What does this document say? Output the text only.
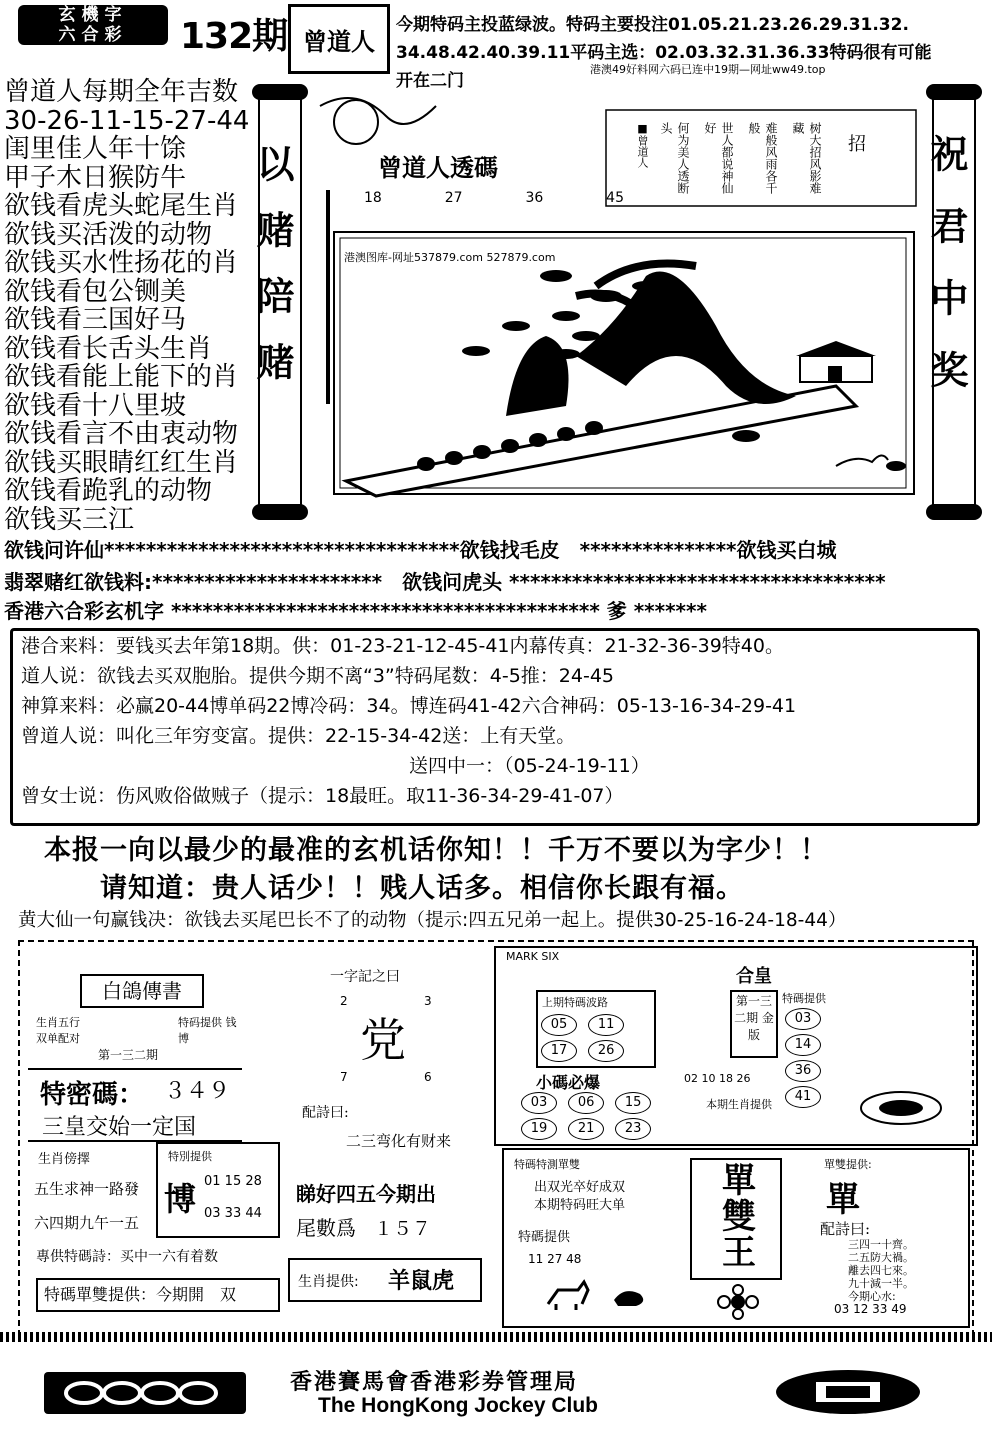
玄機字
六合彩	132期 曾道人
今期特码主投蓝绿波。特码主要投注01.05.21.23.26.29.31.32.
34.48.42.40.39.11平码主选：02.03.32.31.36.33特码很有可能
开在二门
港澳49好料网六码已连中19期—网址ww49.top
曾道人每期全年吉数
30-26-11-15-27-44
闺里佳人年十馀
甲子木日猴防牛
欲钱看虎头蛇尾生肖
欲钱买活泼的动物
欲钱买水性扬花的肖
欲钱看包公铡美
欲钱看三国好马
欲钱看长舌头生肖
欲钱看能上能下的肖
欲钱看十八里坡
欲钱看言不由衷动物
欲钱买眼睛红红生肖
欲钱看跪乳的动物
欲钱买三江
以赌陪赌	祝君中奖
曾道人透碼
18	27	36	45
港澳图库-网址537879.com 527879.com
■曾道人	何为美人透断头	世人都说神仙好	难般风雨各千般	树大招风影难藏
招
欲钱问许仙**********************************欲钱找毛皮　***************欲钱买白城
翡翠赌红欲钱料:**********************　欲钱问虎头 ************************************
香港六合彩玄机字 ***************************************** 爹 *******
港合来料：要钱买去年第18期。供：01-23-21-12-45-41内幕传真：21-32-36-39特40。
道人说：欲钱去买双胞胎。提供今期不离“3”特码尾数：4-5推：24-45
神算来料：必赢20-44博单码22博冷码：34。博连码41-42六合神码：05-13-16-34-29-41
曾道人说：叫化三年穷变富。提供：22-15-34-42送：上有天堂。
送四中一：（05-24-19-11）
曾女士说：伤风败俗做贼子（提示：18最旺。取11-36-34-29-41-07）
本报一向以最少的最准的玄机话你知！！千万不要以为字少！！
请知道：贵人话少！！贱人话多。相信你长跟有福。
黄大仙一句赢钱决：欲钱去买尾巴长不了的动物（提示:四五兄弟一起上。提供30-25-16-24-18-44）
白鴿傳書
生肖五行 双单配对
特码提供 钱博
第一三二期
特密碼： ３４９
三皇交始一定国
生肖傍擇
五生求神一路發
六四期九午一五
特別提供
博 01 15 28
03 33 44
專供特碼詩：买中一六有着数
特碼單雙提供：今期開　双
一字記之曰
2	3
党
7	6
配詩曰:
二三弯化有财来
睇好四五今期出
尾數爲 １５７
生肖提供: 羊鼠虎
MARK SIX
合皇
上期特碼波路
05 11 17 26
第一三二期 金版
特碼提供
03 14 36 41
小碼必爆	02 10 18 26
03 06 15 19 21 23
本期生肖提供
特碼特測單雙
出双光卒好成双
本期特码旺大单
特碼提供
11 27 48	單雙王	單雙提供:
單
配詩曰:
三四一十齊。
二五防大禍。
離去四七來。
九十減一半。
今期心水:
03 12 33 49
香港賽馬會香港彩券管理局
The HongKong Jockey Club
